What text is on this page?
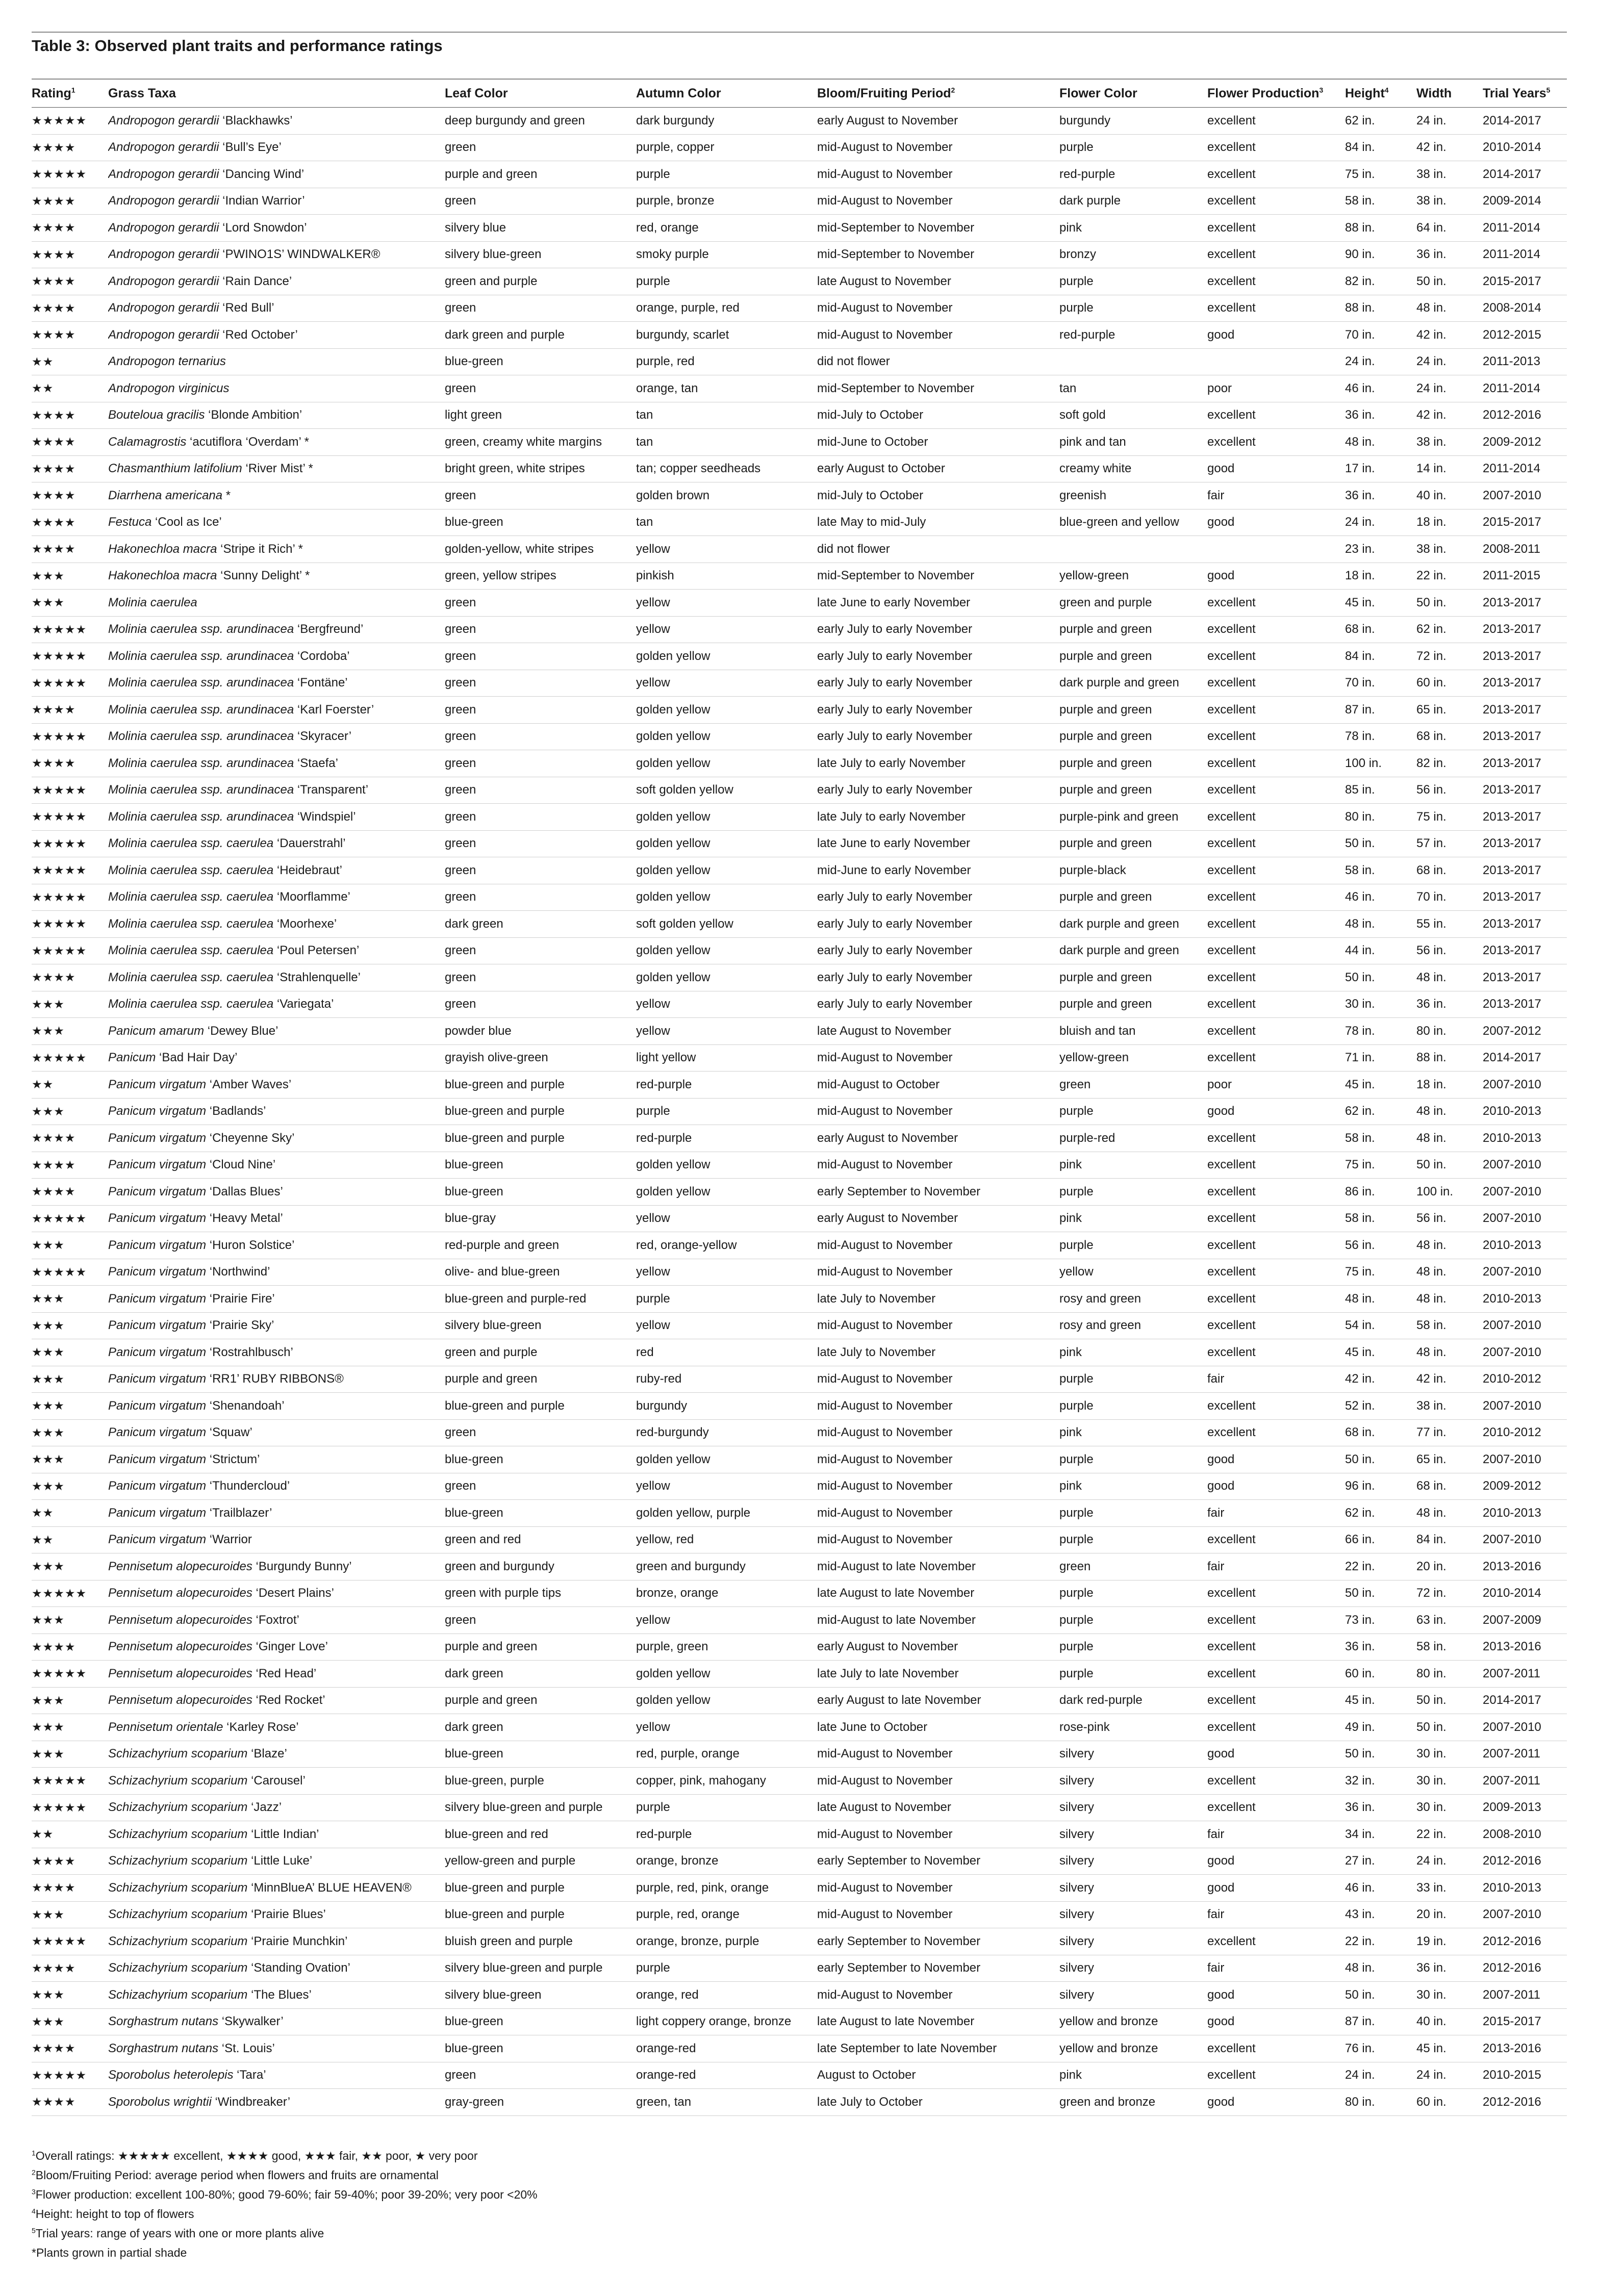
Table 3: Observed plant traits and performance ratings
Rating$^1$	Grass Taxa	Leaf Color	Autumn Color	Bloom/Fruiting Period$^2$	Flower Color	Flower Production$^3$	Height$^4$	Width	Trial Years$^5$
★★★★★	Andropogon gerardii ‘Blackhawks’	deep burgundy and green	dark burgundy	early August to November	burgundy	excellent	62 in.	24 in.	2014-2017
★★★★	Andropogon gerardii ‘Bull’s Eye’	green	purple, copper	mid-August to November	purple	excellent	84 in.	42 in.	2010-2014
★★★★★	Andropogon gerardii ‘Dancing Wind’	purple and green	purple	mid-August to November	red-purple	excellent	75 in.	38 in.	2014-2017
★★★★	Andropogon gerardii ‘Indian Warrior’	green	purple, bronze	mid-August to November	dark purple	excellent	58 in.	38 in.	2009-2014
★★★★	Andropogon gerardii ‘Lord Snowdon’	silvery blue	red, orange	mid-September to November	pink	excellent	88 in.	64 in.	2011-2014
★★★★	Andropogon gerardii ‘PWINO1S’ WINDWALKER®	silvery blue-green	smoky purple	mid-September to November	bronzy	excellent	90 in.	36 in.	2011-2014
★★★★	Andropogon gerardii ‘Rain Dance’	green and purple	purple	late August to November	purple	excellent	82 in.	50 in.	2015-2017
★★★★	Andropogon gerardii ‘Red Bull’	green	orange, purple, red	mid-August to November	purple	excellent	88 in.	48 in.	2008-2014
★★★★	Andropogon gerardii ‘Red October’	dark green and purple	burgundy, scarlet	mid-August to November	red-purple	good	70 in.	42 in.	2012-2015
★★	Andropogon ternarius	blue-green	purple, red	did not flower			24 in.	24 in.	2011-2013
★★	Andropogon virginicus	green	orange, tan	mid-September to November	tan	poor	46 in.	24 in.	2011-2014
★★★★	Bouteloua gracilis ‘Blonde Ambition’	light green	tan	mid-July to October	soft gold	excellent	36 in.	42 in.	2012-2016
★★★★	Calamagrostis ‘acutiflora ‘Overdam’ *	green, creamy white margins	tan	mid-June to October	pink and tan	excellent	48 in.	38 in.	2009-2012
★★★★	Chasmanthium latifolium ‘River Mist’ *	bright green, white stripes	tan; copper seedheads	early August to October	creamy white	good	17 in.	14 in.	2011-2014
★★★★	Diarrhena americana *	green	golden brown	mid-July to October	greenish	fair	36 in.	40 in.	2007-2010
★★★★	Festuca ‘Cool as Ice’	blue-green	tan	late May to mid-July	blue-green and yellow	good	24 in.	18 in.	2015-2017
★★★★	Hakonechloa macra ‘Stripe it Rich’ *	golden-yellow, white stripes	yellow	did not flower			23 in.	38 in.	2008-2011
★★★	Hakonechloa macra ‘Sunny Delight’ *	green, yellow stripes	pinkish	mid-September to November	yellow-green	good	18 in.	22 in.	2011-2015
★★★	Molinia caerulea	green	yellow	late June to early November	green and purple	excellent	45 in.	50 in.	2013-2017
★★★★★	Molinia caerulea ssp. arundinacea ‘Bergfreund’	green	yellow	early July to early November	purple and green	excellent	68 in.	62 in.	2013-2017
★★★★★	Molinia caerulea ssp. arundinacea ‘Cordoba’	green	golden yellow	early July to early November	purple and green	excellent	84 in.	72 in.	2013-2017
★★★★★	Molinia caerulea ssp. arundinacea ‘Fontäne’	green	yellow	early July to early November	dark purple and green	excellent	70 in.	60 in.	2013-2017
★★★★	Molinia caerulea ssp. arundinacea ‘Karl Foerster’	green	golden yellow	early July to early November	purple and green	excellent	87 in.	65 in.	2013-2017
★★★★★	Molinia caerulea ssp. arundinacea ‘Skyracer’	green	golden yellow	early July to early November	purple and green	excellent	78 in.	68 in.	2013-2017
★★★★	Molinia caerulea ssp. arundinacea ‘Staefa’	green	golden yellow	late July to early November	purple and green	excellent	100 in.	82 in.	2013-2017
★★★★★	Molinia caerulea ssp. arundinacea ‘Transparent’	green	soft golden yellow	early July to early November	purple and green	excellent	85 in.	56 in.	2013-2017
★★★★★	Molinia caerulea ssp. arundinacea ‘Windspiel’	green	golden yellow	late July to early November	purple-pink and green	excellent	80 in.	75 in.	2013-2017
★★★★★	Molinia caerulea ssp. caerulea ‘Dauerstrahl’	green	golden yellow	late June to early November	purple and green	excellent	50 in.	57 in.	2013-2017
★★★★★	Molinia caerulea ssp. caerulea ‘Heidebraut’	green	golden yellow	mid-June to early November	purple-black	excellent	58 in.	68 in.	2013-2017
★★★★★	Molinia caerulea ssp. caerulea ‘Moorflamme’	green	golden yellow	early July to early November	purple and green	excellent	46 in.	70 in.	2013-2017
★★★★★	Molinia caerulea ssp. caerulea ‘Moorhexe’	dark green	soft golden yellow	early July to early November	dark purple and green	excellent	48 in.	55 in.	2013-2017
★★★★★	Molinia caerulea ssp. caerulea ‘Poul Petersen’	green	golden yellow	early July to early November	dark purple and green	excellent	44 in.	56 in.	2013-2017
★★★★	Molinia caerulea ssp. caerulea ‘Strahlenquelle’	green	golden yellow	early July to early November	purple and green	excellent	50 in.	48 in.	2013-2017
★★★	Molinia caerulea ssp. caerulea ‘Variegata’	green	yellow	early July to early November	purple and green	excellent	30 in.	36 in.	2013-2017
★★★	Panicum amarum ‘Dewey Blue’	powder blue	yellow	late August to November	bluish and tan	excellent	78 in.	80 in.	2007-2012
★★★★★	Panicum ‘Bad Hair Day’	grayish olive-green	light yellow	mid-August to November	yellow-green	excellent	71 in.	88 in.	2014-2017
★★	Panicum virgatum ‘Amber Waves’	blue-green and purple	red-purple	mid-August to October	green	poor	45 in.	18 in.	2007-2010
★★★	Panicum virgatum ‘Badlands’	blue-green and purple	purple	mid-August to November	purple	good	62 in.	48 in.	2010-2013
★★★★	Panicum virgatum ‘Cheyenne Sky’	blue-green and purple	red-purple	early August to November	purple-red	excellent	58 in.	48 in.	2010-2013
★★★★	Panicum virgatum ‘Cloud Nine’	blue-green	golden yellow	mid-August to November	pink	excellent	75 in.	50 in.	2007-2010
★★★★	Panicum virgatum ‘Dallas Blues’	blue-green	golden yellow	early September to November	purple	excellent	86 in.	100 in.	2007-2010
★★★★★	Panicum virgatum ‘Heavy Metal’	blue-gray	yellow	early August to November	pink	excellent	58 in.	56 in.	2007-2010
★★★	Panicum virgatum ‘Huron Solstice’	red-purple and green	red, orange-yellow	mid-August to November	purple	excellent	56 in.	48 in.	2010-2013
★★★★★	Panicum virgatum ‘Northwind’	olive- and blue-green	yellow	mid-August to November	yellow	excellent	75 in.	48 in.	2007-2010
★★★	Panicum virgatum ‘Prairie Fire’	blue-green and purple-red	purple	late July to November	rosy and green	excellent	48 in.	48 in.	2010-2013
★★★	Panicum virgatum ‘Prairie Sky’	silvery blue-green	yellow	mid-August to November	rosy and green	excellent	54 in.	58 in.	2007-2010
★★★	Panicum virgatum ‘Rostrahlbusch’	green and purple	red	late July to November	pink	excellent	45 in.	48 in.	2007-2010
★★★	Panicum virgatum ‘RR1’ RUBY RIBBONS®	purple and green	ruby-red	mid-August to November	purple	fair	42 in.	42 in.	2010-2012
★★★	Panicum virgatum ‘Shenandoah’	blue-green and purple	burgundy	mid-August to November	purple	excellent	52 in.	38 in.	2007-2010
★★★	Panicum virgatum ‘Squaw’	green	red-burgundy	mid-August to November	pink	excellent	68 in.	77 in.	2010-2012
★★★	Panicum virgatum ‘Strictum’	blue-green	golden yellow	mid-August to November	purple	good	50 in.	65 in.	2007-2010
★★★	Panicum virgatum ‘Thundercloud’	green	yellow	mid-August to November	pink	good	96 in.	68 in.	2009-2012
★★	Panicum virgatum ‘Trailblazer’	blue-green	golden yellow, purple	mid-August to November	purple	fair	62 in.	48 in.	2010-2013
★★	Panicum virgatum ‘Warrior	green and red	yellow, red	mid-August to November	purple	excellent	66 in.	84 in.	2007-2010
★★★	Pennisetum alopecuroides ‘Burgundy Bunny’	green and burgundy	green and burgundy	mid-August to late November	green	fair	22 in.	20 in.	2013-2016
★★★★★	Pennisetum alopecuroides ‘Desert Plains’	green with purple tips	bronze, orange	late August to late November	purple	excellent	50 in.	72 in.	2010-2014
★★★	Pennisetum alopecuroides ‘Foxtrot’	green	yellow	mid-August to late November	purple	excellent	73 in.	63 in.	2007-2009
★★★★	Pennisetum alopecuroides ‘Ginger Love’	purple and green	purple, green	early August to November	purple	excellent	36 in.	58 in.	2013-2016
★★★★★	Pennisetum alopecuroides ‘Red Head’	dark green	golden yellow	late July to late November	purple	excellent	60 in.	80 in.	2007-2011
★★★	Pennisetum alopecuroides ‘Red Rocket’	purple and green	golden yellow	early August to late November	dark red-purple	excellent	45 in.	50 in.	2014-2017
★★★	Pennisetum orientale ‘Karley Rose’	dark green	yellow	late June to October	rose-pink	excellent	49 in.	50 in.	2007-2010
★★★	Schizachyrium scoparium ‘Blaze’	blue-green	red, purple, orange	mid-August to November	silvery	good	50 in.	30 in.	2007-2011
★★★★★	Schizachyrium scoparium ‘Carousel’	blue-green, purple	copper, pink, mahogany	mid-August to November	silvery	excellent	32 in.	30 in.	2007-2011
★★★★★	Schizachyrium scoparium ‘Jazz’	silvery blue-green and purple	purple	late August to November	silvery	excellent	36 in.	30 in.	2009-2013
★★	Schizachyrium scoparium ‘Little Indian’	blue-green and red	red-purple	mid-August to November	silvery	fair	34 in.	22 in.	2008-2010
★★★★	Schizachyrium scoparium ‘Little Luke’	yellow-green and purple	orange, bronze	early September to November	silvery	good	27 in.	24 in.	2012-2016
★★★★	Schizachyrium scoparium ‘MinnBlueA’ BLUE HEAVEN®	blue-green and purple	purple, red, pink, orange	mid-August to November	silvery	good	46 in.	33 in.	2010-2013
★★★	Schizachyrium scoparium ‘Prairie Blues’	blue-green and purple	purple, red, orange	mid-August to November	silvery	fair	43 in.	20 in.	2007-2010
★★★★★	Schizachyrium scoparium ‘Prairie Munchkin’	bluish green and purple	orange, bronze, purple	early September to November	silvery	excellent	22 in.	19 in.	2012-2016
★★★★	Schizachyrium scoparium ‘Standing Ovation’	silvery blue-green and purple	purple	early September to November	silvery	fair	48 in.	36 in.	2012-2016
★★★	Schizachyrium scoparium ‘The Blues’	silvery blue-green	orange, red	mid-August to November	silvery	good	50 in.	30 in.	2007-2011
★★★	Sorghastrum nutans ‘Skywalker’	blue-green	light coppery orange, bronze	late August to late November	yellow and bronze	good	87 in.	40 in.	2015-2017
★★★★	Sorghastrum nutans ‘St. Louis’	blue-green	orange-red	late September to late November	yellow and bronze	excellent	76 in.	45 in.	2013-2016
★★★★★	Sporobolus heterolepis ‘Tara’	green	orange-red	August to October	pink	excellent	24 in.	24 in.	2010-2015
★★★★	Sporobolus wrightii ‘Windbreaker’	gray-green	green, tan	late July to October	green and bronze	good	80 in.	60 in.	2012-2016
$^1$Overall ratings: ★★★★★ excellent, ★★★★ good, ★★★ fair, ★★ poor, ★ very poor
$^2$Bloom/Fruiting Period: average period when flowers and fruits are ornamental
$^3$Flower production: excellent 100-80%; good 79-60%; fair 59-40%; poor 39-20%; very poor <20%
$^4$Height: height to top of flowers
$^5$Trial years: range of years with one or more plants alive
*Plants grown in partial shade
